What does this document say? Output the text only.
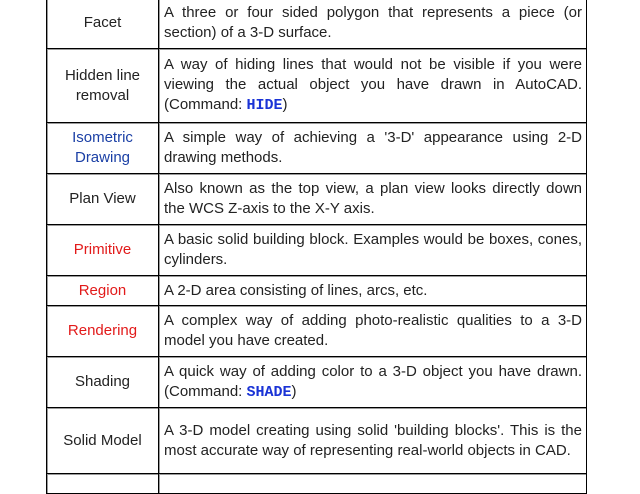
Facet	A three or four sided polygon that represents a piece (or section) of a 3-D surface.
Hidden line removal	A way of hiding lines that would not be visible if you were viewing the actual object you have drawn in AutoCAD. (Command: HIDE)
Isometric Drawing	A simple way of achieving a '3-D' appearance using 2-D drawing methods.
Plan View	Also known as the top view, a plan view looks directly down the WCS Z-axis to the X-Y axis.
Primitive	A basic solid building block. Examples would be boxes, cones, cylinders.
Region	A 2-D area consisting of lines, arcs, etc.
Rendering	A complex way of adding photo-realistic qualities to a 3-D model you have created.
Shading	A quick way of adding color to a 3-D object you have drawn. (Command: SHADE)
Solid Model	A 3-D model creating using solid 'building blocks'. This is the most accurate way of representing real-world objects in CAD.
